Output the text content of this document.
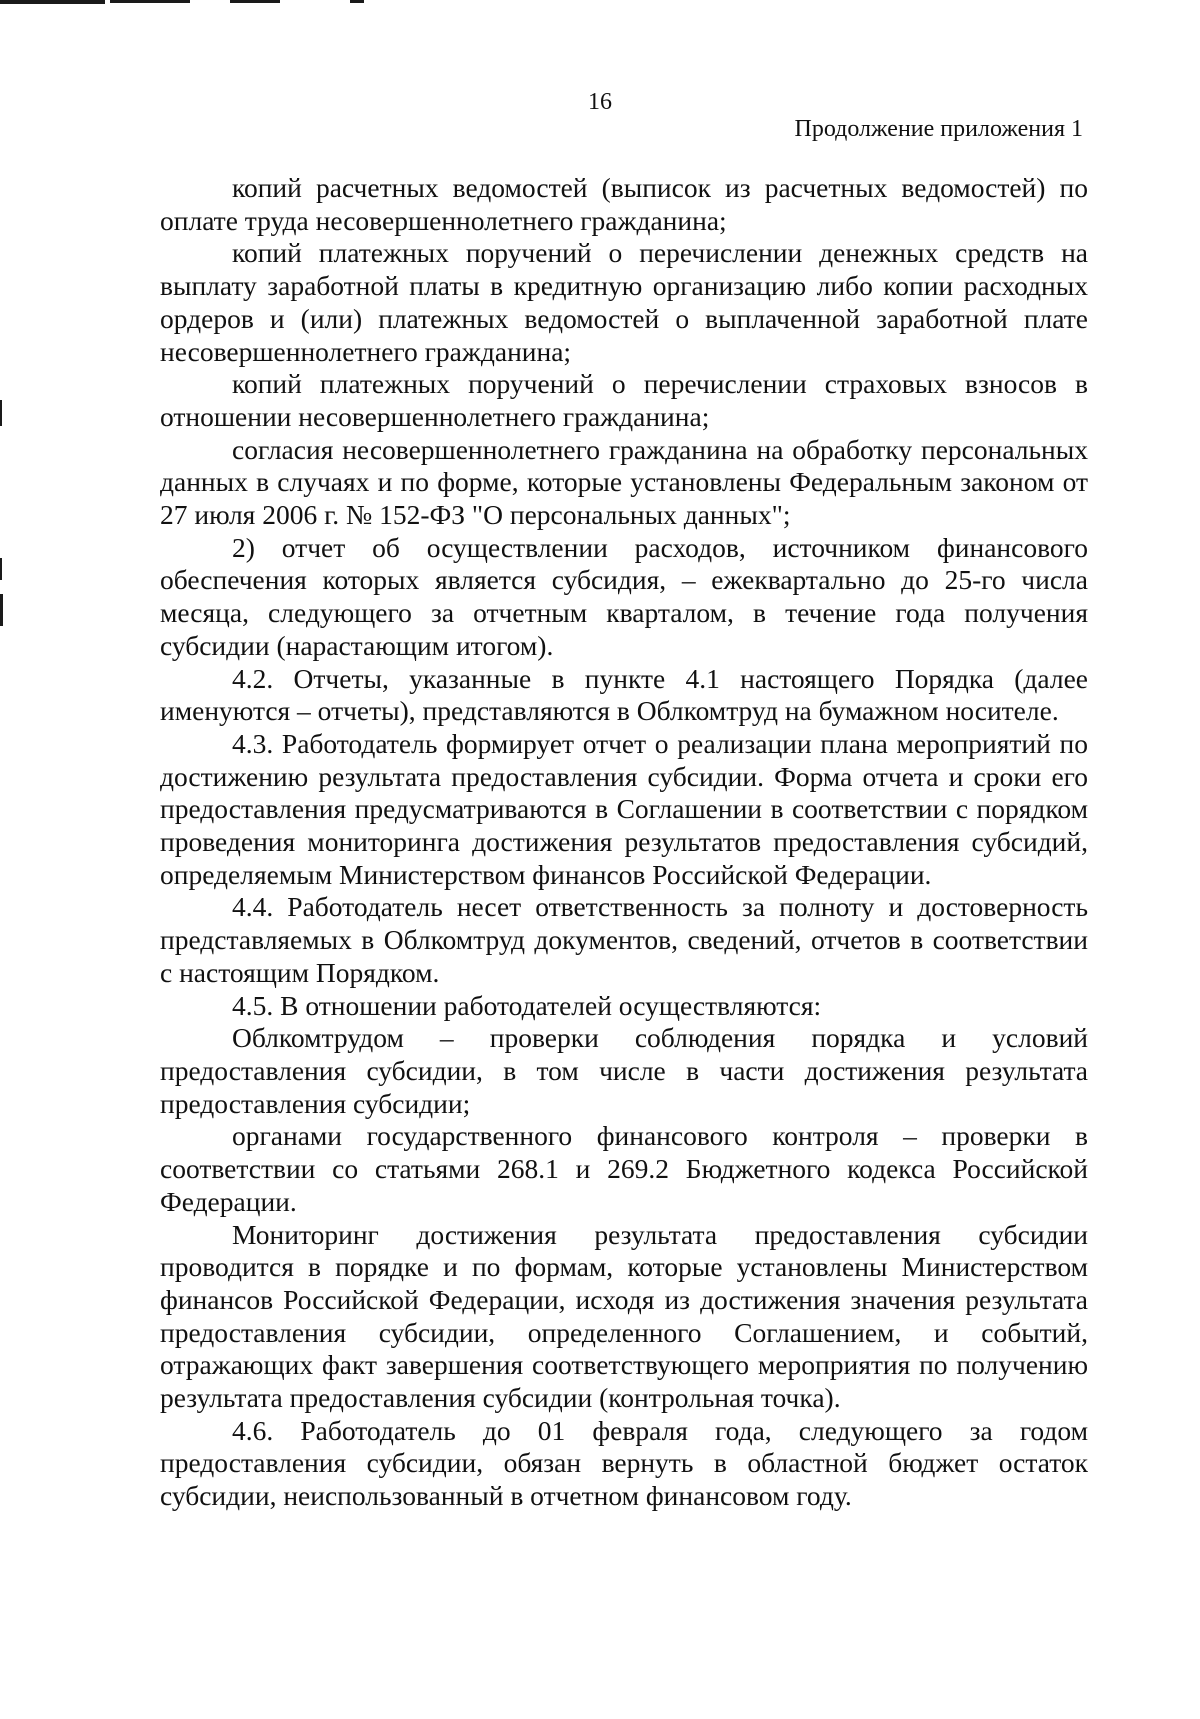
16
Продолжение приложения 1

копий расчетных ведомостей (выписок из расчетных ведомостей) по оплате труда несовершеннолетнего гражданина;

копий платежных поручений о перечислении денежных средств на выплату заработной платы в кредитную организацию либо копии расходных ордеров и (или) платежных ведомостей о выплаченной заработной плате несовершеннолетнего гражданина;

копий платежных поручений о перечислении страховых взносов в отношении несовершеннолетнего гражданина;

согласия несовершеннолетнего гражданина на обработку персональных данных в случаях и по форме, которые установлены Федеральным законом от 27 июля 2006 г. № 152-ФЗ "О персональных данных";

2) отчет об осуществлении расходов, источником финансового обеспечения которых является субсидия, – ежеквартально до 25-го числа месяца, следующего за отчетным кварталом, в течение года получения субсидии (нарастающим итогом).

4.2. Отчеты, указанные в пункте 4.1 настоящего Порядка (далее именуются – отчеты), представляются в Облкомтруд на бумажном носителе.

4.3. Работодатель формирует отчет о реализации плана мероприятий по достижению результата предоставления субсидии. Форма отчета и сроки его предоставления предусматриваются в Соглашении в соответствии с порядком проведения мониторинга достижения результатов предоставления субсидий, определяемым Министерством финансов Российской Федерации.

4.4. Работодатель несет ответственность за полноту и достоверность представляемых в Облкомтруд документов, сведений, отчетов в соответствии с настоящим Порядком.

4.5. В отношении работодателей осуществляются:

Облкомтрудом – проверки соблюдения порядка и условий предоставления субсидии, в том числе в части достижения результата предоставления субсидии;

органами государственного финансового контроля – проверки в соответствии со статьями 268.1 и 269.2 Бюджетного кодекса Российской Федерации.

Мониторинг достижения результата предоставления субсидии проводится в порядке и по формам, которые установлены Министерством финансов Российской Федерации, исходя из достижения значения результата предоставления субсидии, определенного Соглашением, и событий, отражающих факт завершения соответствующего мероприятия по получению результата предоставления субсидии (контрольная точка).

4.6. Работодатель до 01 февраля года, следующего за годом предоставления субсидии, обязан вернуть в областной бюджет остаток субсидии, неиспользованный в отчетном финансовом году.
